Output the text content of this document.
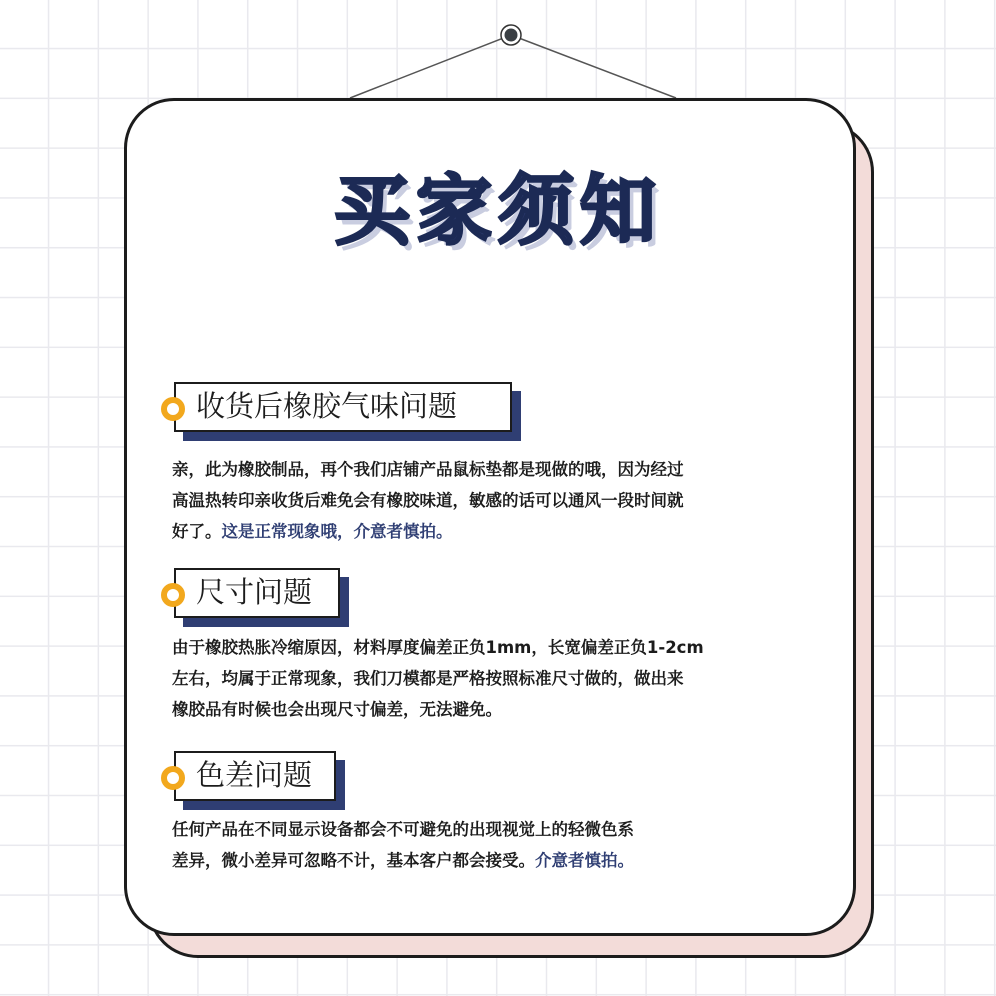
买家须知
收货后橡胶气味问题
亲，此为橡胶制品，再个我们店铺产品鼠标垫都是现做的哦，因为经过
高温热转印亲收货后难免会有橡胶味道，敏感的话可以通风一段时间就
好了。这是正常现象哦，介意者慎拍。
尺寸问题
由于橡胶热胀冷缩原因，材料厚度偏差正负1mm，长宽偏差正负1-2cm
左右，均属于正常现象，我们刀模都是严格按照标准尺寸做的，做出来
橡胶品有时候也会出现尺寸偏差，无法避免。
色差问题
任何产品在不同显示设备都会不可避免的出现视觉上的轻微色系
差异，微小差异可忽略不计，基本客户都会接受。介意者慎拍。
